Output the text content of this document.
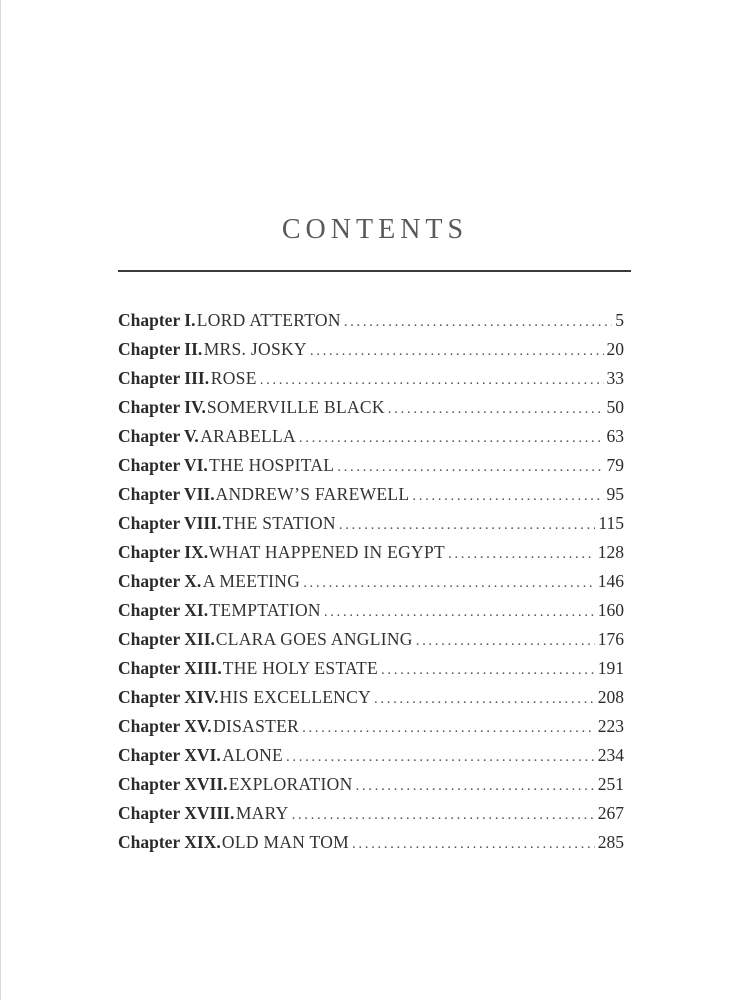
CONTENTS
Chapter I. LORD ATTERTON .....	5
Chapter II. MRS. JOSKY .....	20
Chapter III. ROSE .....	33
Chapter IV. SOMERVILLE BLACK .....	50
Chapter V. ARABELLA .....	63
Chapter VI. THE HOSPITAL .....	79
Chapter VII. ANDREW’S FAREWELL .....	95
Chapter VIII. THE STATION .....	115
Chapter IX. WHAT HAPPENED IN EGYPT .....	128
Chapter X. A MEETING .....	146
Chapter XI. TEMPTATION .....	160
Chapter XII. CLARA GOES ANGLING .....	176
Chapter XIII. THE HOLY ESTATE .....	191
Chapter XIV. HIS EXCELLENCY .....	208
Chapter XV. DISASTER .....	223
Chapter XVI. ALONE .....	234
Chapter XVII. EXPLORATION .....	251
Chapter XVIII. MARY .....	267
Chapter XIX. OLD MAN TOM .....	285
